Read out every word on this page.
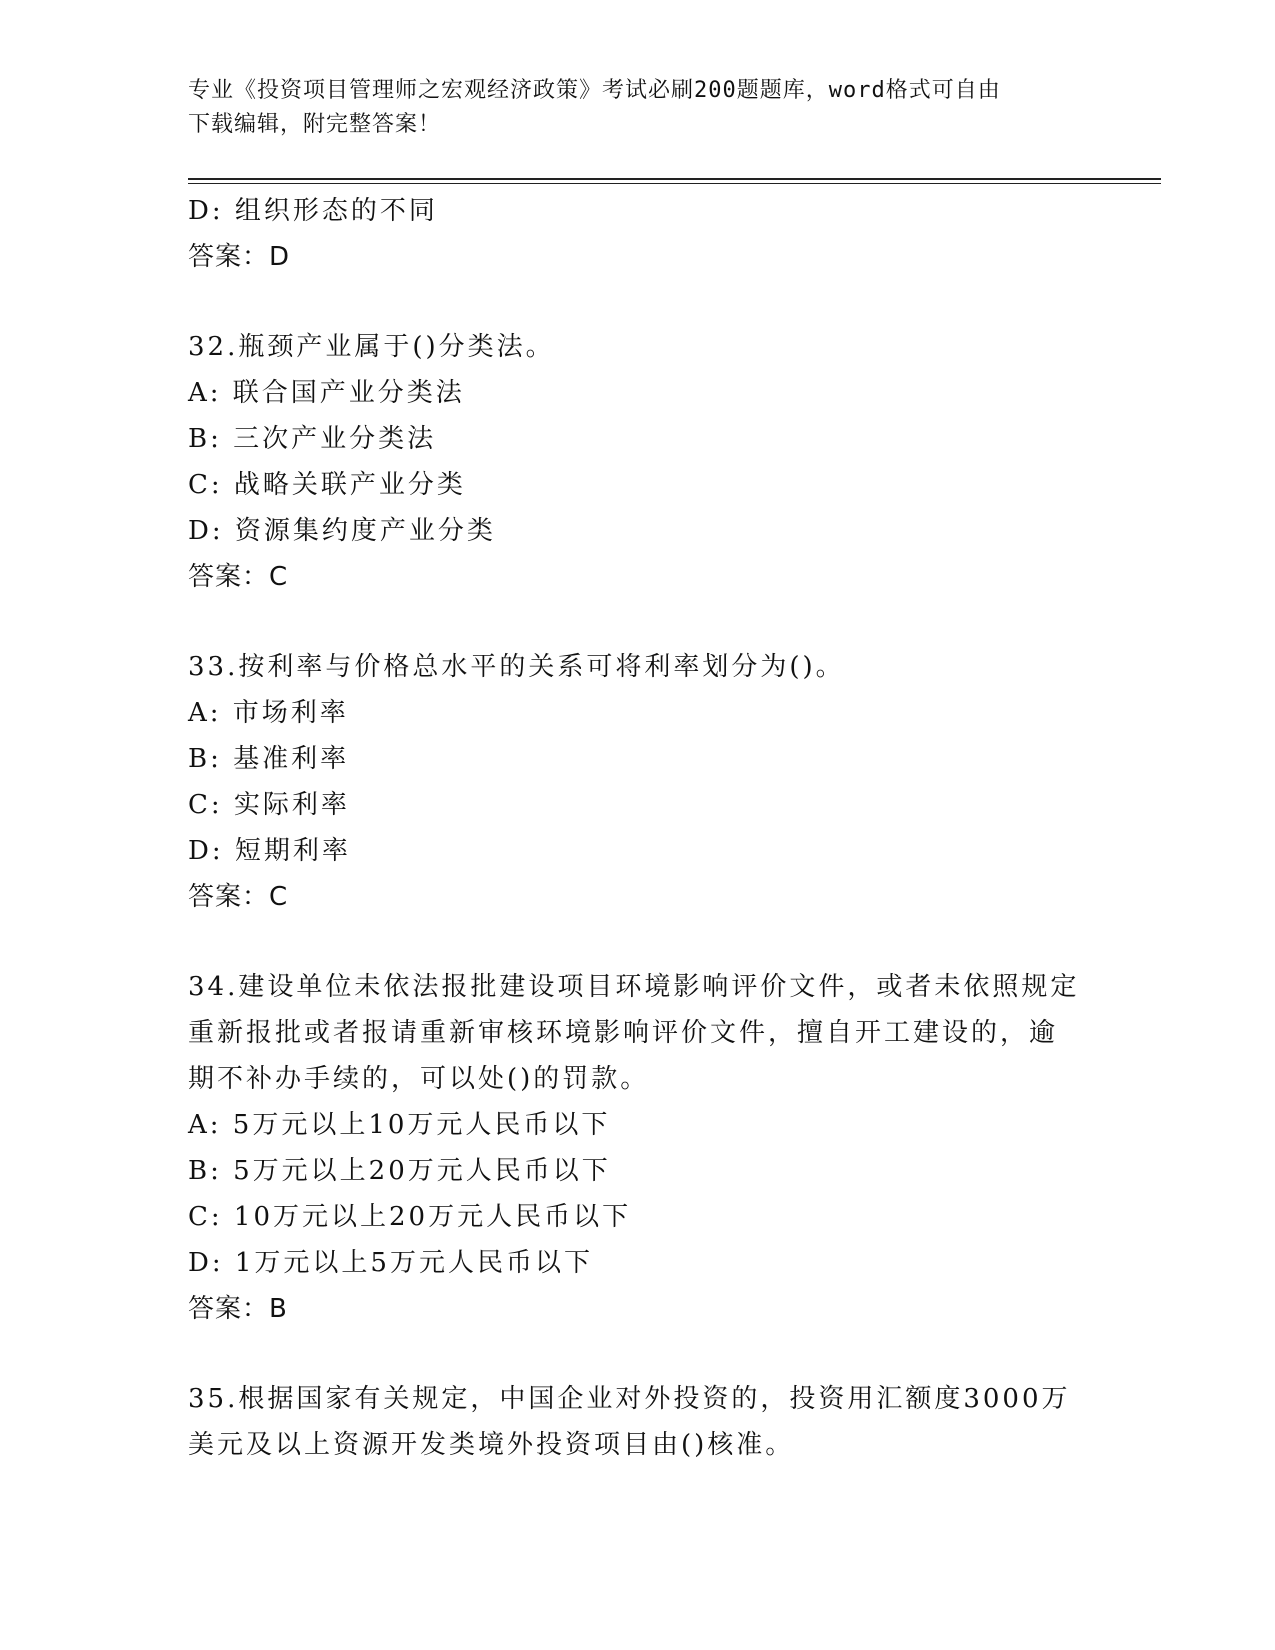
专业《投资项目管理师之宏观经济政策》考试必刷200题题库，word格式可自由
下载编辑，附完整答案！
D: 组织形态的不同
答案：D
32.瓶颈产业属于()分类法。
A: 联合国产业分类法
B: 三次产业分类法
C: 战略关联产业分类
D: 资源集约度产业分类
答案：C
33.按利率与价格总水平的关系可将利率划分为()。
A: 市场利率
B: 基准利率
C: 实际利率
D: 短期利率
答案：C
34.建设单位未依法报批建设项目环境影响评价文件，或者未依照规定
重新报批或者报请重新审核环境影响评价文件，擅自开工建设的，逾
期不补办手续的，可以处()的罚款。
A: 5万元以上10万元人民币以下
B: 5万元以上20万元人民币以下
C: 10万元以上20万元人民币以下
D: 1万元以上5万元人民币以下
答案：B
35.根据国家有关规定，中国企业对外投资的，投资用汇额度3000万
美元及以上资源开发类境外投资项目由()核准。
